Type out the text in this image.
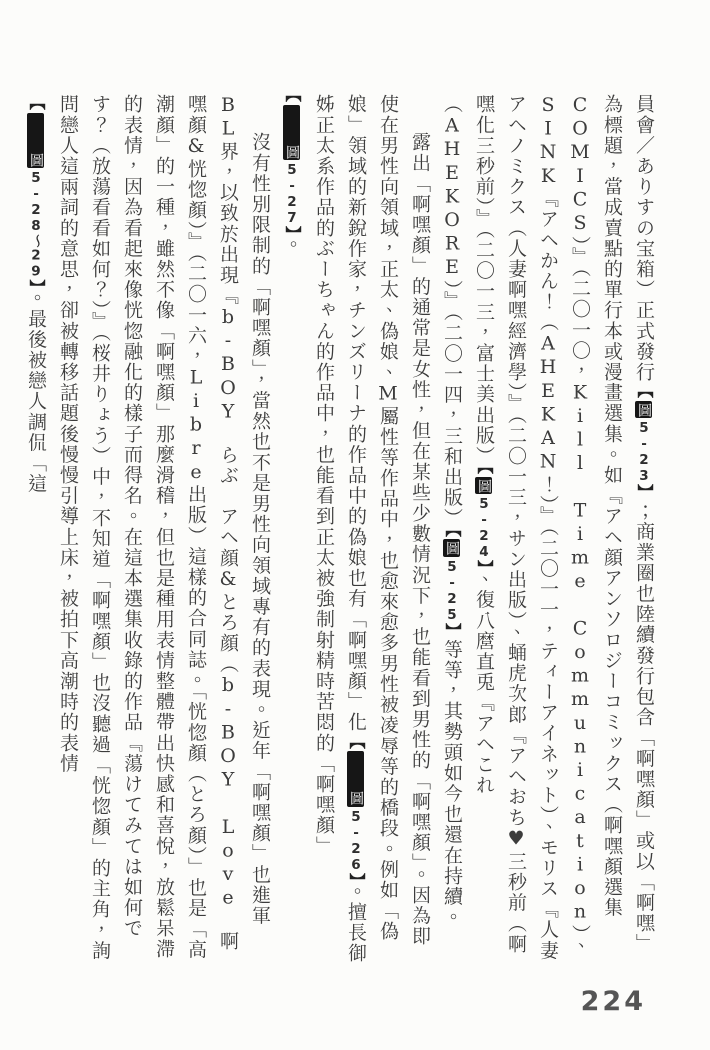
員會／ありすの宝箱）正式發行【圖5-23】；商業圈也陸續發行包含「啊嘿顏」或以「啊嘿」為標題，當成賣點的單行本或漫畫選集。如『アヘ顔アンソロジーコミックス（啊嘿顏選集COMICS）』（二〇一〇，Kill Time Communication）、SINK『アヘかん！（AHEKAN！）』（二〇一一，ティーアイネット）、モリス『人妻アヘノミクス（人妻啊嘿經濟學）』（二〇一三，サン出版）、蛹虎次郎『アヘおち♥三秒前（啊嘿化三秒前）』（二〇一三，富士美出版）【圖5-24】、復八麿直兎『アヘこれ（AHEKORE）』（二〇一四，三和出版）【圖5-25】等等，其勢頭如今也還在持續。

露出「啊嘿顏」的通常是女性，但在某些少數情況下，也能看到男性的「啊嘿顏」。因為即使在男性向領域，正太、偽娘、M屬性等作品中，也愈來愈多男性被凌辱等的橋段。例如「偽娘」領域的新銳作家，チンズリーナ的作品中的偽娘也有「啊嘿顏」化【圖5-26】。擅長御姊正太系作品的ぶーちゃん的作品中，也能看到正太被強制射精時苦悶的「啊嘿顏」【圖5-27】。

沒有性別限制的「啊嘿顏」，當然也不是男性向領域專有的表現。近年「啊嘿顏」也進軍BL界，以致於出現『b-BOY　らぶ　アヘ顔&とろ顔（b-BOY Love　啊嘿顏&恍惚顏）』（二〇一六，Libre出版）這樣的合同誌。「恍惚顏（とろ顏）」也是「高潮顏」的一種，雖然不像「啊嘿顏」那麼滑稽，但也是種用表情整體帶出快感和喜悅，放鬆呆滯的表情，因為看起來像恍惚融化的樣子而得名。在這本選集收錄的作品『蕩けてみては如何です？（放蕩看看如何？）』（桜井りょう）中，不知道「啊嘿顏」也沒聽過「恍惚顏」的主角，詢問戀人這兩詞的意思，卻被轉移話題後慢慢引導上床，被拍下高潮時的表情【圖5-28～29】。最後被戀人調侃「這

224
